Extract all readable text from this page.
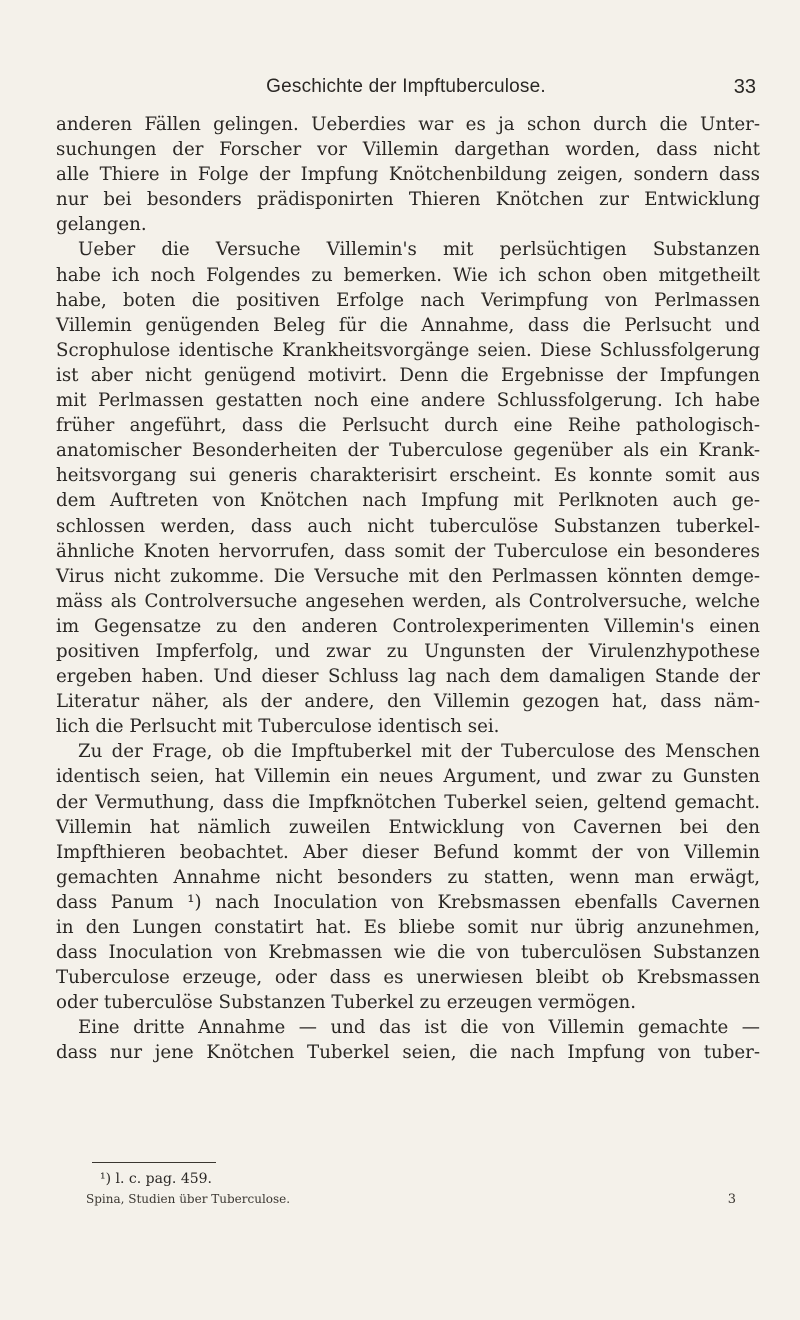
Geschichte der Impftuberculose.	33
anderen Fällen gelingen. Ueberdies war es ja schon durch die Unter-
suchungen der Forscher vor Villemin dargethan worden, dass nicht
alle Thiere in Folge der Impfung Knötchenbildung zeigen, sondern dass
nur bei besonders prädisponirten Thieren Knötchen zur Entwicklung
gelangen.
Ueber die Versuche Villemin's mit perlsüchtigen Substanzen
habe ich noch Folgendes zu bemerken. Wie ich schon oben mitgetheilt
habe, boten die positiven Erfolge nach Verimpfung von Perlmassen
Villemin genügenden Beleg für die Annahme, dass die Perlsucht und
Scrophulose identische Krankheitsvorgänge seien. Diese Schlussfolgerung
ist aber nicht genügend motivirt. Denn die Ergebnisse der Impfungen
mit Perlmassen gestatten noch eine andere Schlussfolgerung. Ich habe
früher angeführt, dass die Perlsucht durch eine Reihe pathologisch-
anatomischer Besonderheiten der Tuberculose gegenüber als ein Krank-
heitsvorgang sui generis charakterisirt erscheint. Es konnte somit aus
dem Auftreten von Knötchen nach Impfung mit Perlknoten auch ge-
schlossen werden, dass auch nicht tuberculöse Substanzen tuberkel-
ähnliche Knoten hervorrufen, dass somit der Tuberculose ein besonderes
Virus nicht zukomme. Die Versuche mit den Perlmassen könnten demge-
mäss als Controlversuche angesehen werden, als Controlversuche, welche
im Gegensatze zu den anderen Controlexperimenten Villemin's einen
positiven Impferfolg, und zwar zu Ungunsten der Virulenzhypothese
ergeben haben. Und dieser Schluss lag nach dem damaligen Stande der
Literatur näher, als der andere, den Villemin gezogen hat, dass näm-
lich die Perlsucht mit Tuberculose identisch sei.
Zu der Frage, ob die Impftuberkel mit der Tuberculose des Menschen
identisch seien, hat Villemin ein neues Argument, und zwar zu Gunsten
der Vermuthung, dass die Impfknötchen Tuberkel seien, geltend gemacht.
Villemin hat nämlich zuweilen Entwicklung von Cavernen bei den
Impfthieren beobachtet. Aber dieser Befund kommt der von Villemin
gemachten Annahme nicht besonders zu statten, wenn man erwägt,
dass Panum ¹) nach Inoculation von Krebsmassen ebenfalls Cavernen
in den Lungen constatirt hat. Es bliebe somit nur übrig anzunehmen,
dass Inoculation von Krebmassen wie die von tuberculösen Substanzen
Tuberculose erzeuge, oder dass es unerwiesen bleibt ob Krebsmassen
oder tuberculöse Substanzen Tuberkel zu erzeugen vermögen.
Eine dritte Annahme — und das ist die von Villemin gemachte —
dass nur jene Knötchen Tuberkel seien, die nach Impfung von tuber-
¹) l. c. pag. 459.
Spina, Studien über Tuberculose.	3
